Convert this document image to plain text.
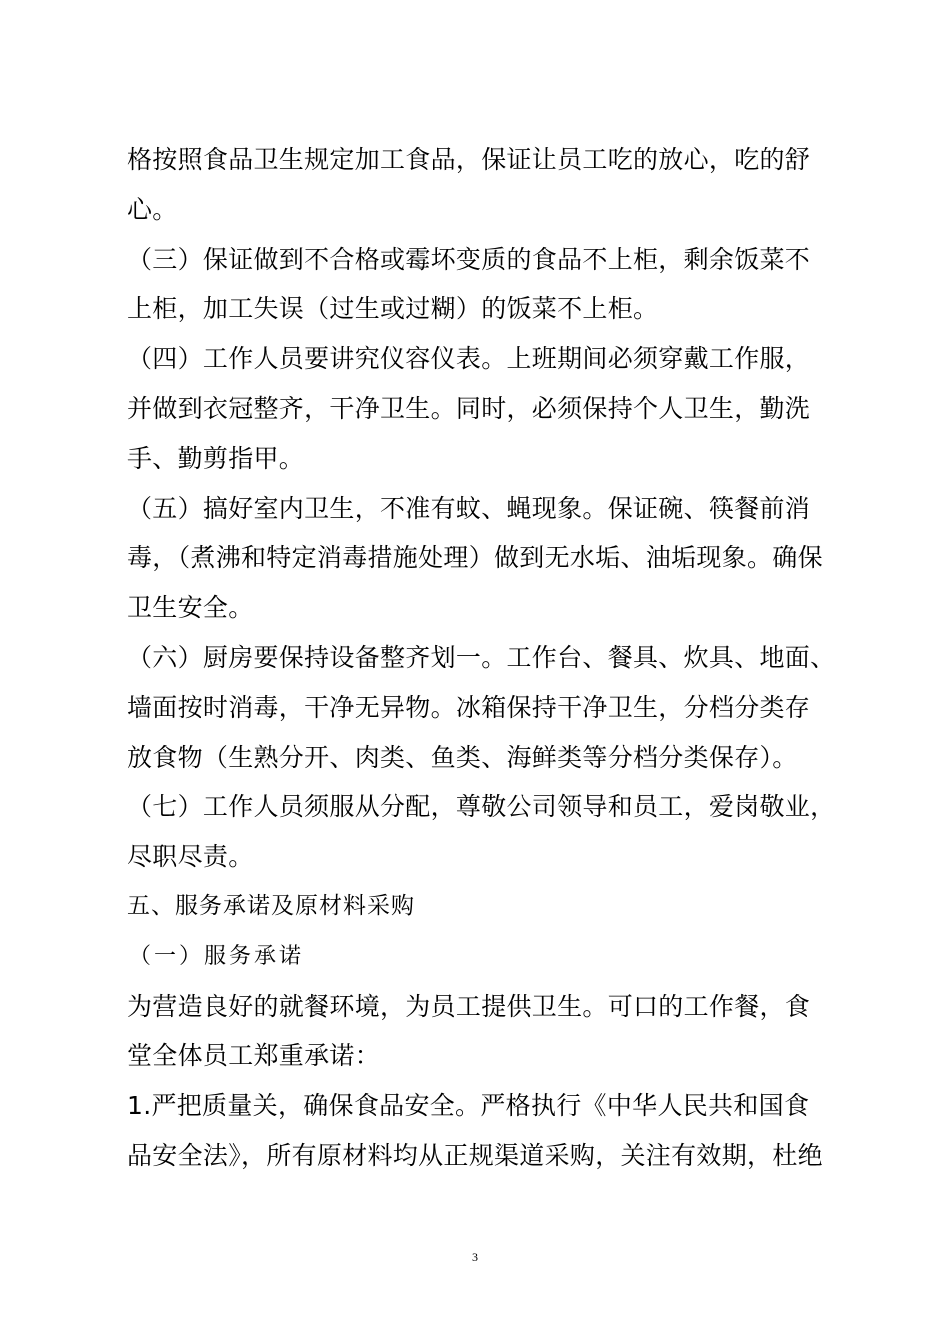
格按照食品卫生规定加工食品，保证让员工吃的放心，吃的舒
心。
（三）保证做到不合格或霉坏变质的食品不上柜，剩余饭菜不
上柜，加工失误（过生或过糊）的饭菜不上柜。
（四）工作人员要讲究仪容仪表。上班期间必须穿戴工作服，
并做到衣冠整齐，干净卫生。同时，必须保持个人卫生，勤洗
手、勤剪指甲。
（五）搞好室内卫生，不准有蚊、蝇现象。保证碗、筷餐前消
毒，（煮沸和特定消毒措施处理）做到无水垢、油垢现象。确保
卫生安全。
（六）厨房要保持设备整齐划一。工作台、餐具、炊具、地面、
墙面按时消毒，干净无异物。冰箱保持干净卫生，分档分类存
放食物（生熟分开、肉类、鱼类、海鲜类等分档分类保存）。
（七）工作人员须服从分配，尊敬公司领导和员工，爱岗敬业，
尽职尽责。
五、服务承诺及原材料采购
（一）服务承诺
为营造良好的就餐环境，为员工提供卫生。可口的工作餐，食
堂全体员工郑重承诺：
1.严把质量关，确保食品安全。严格执行《中华人民共和国食
品安全法》，所有原材料均从正规渠道采购，关注有效期，杜绝
3
